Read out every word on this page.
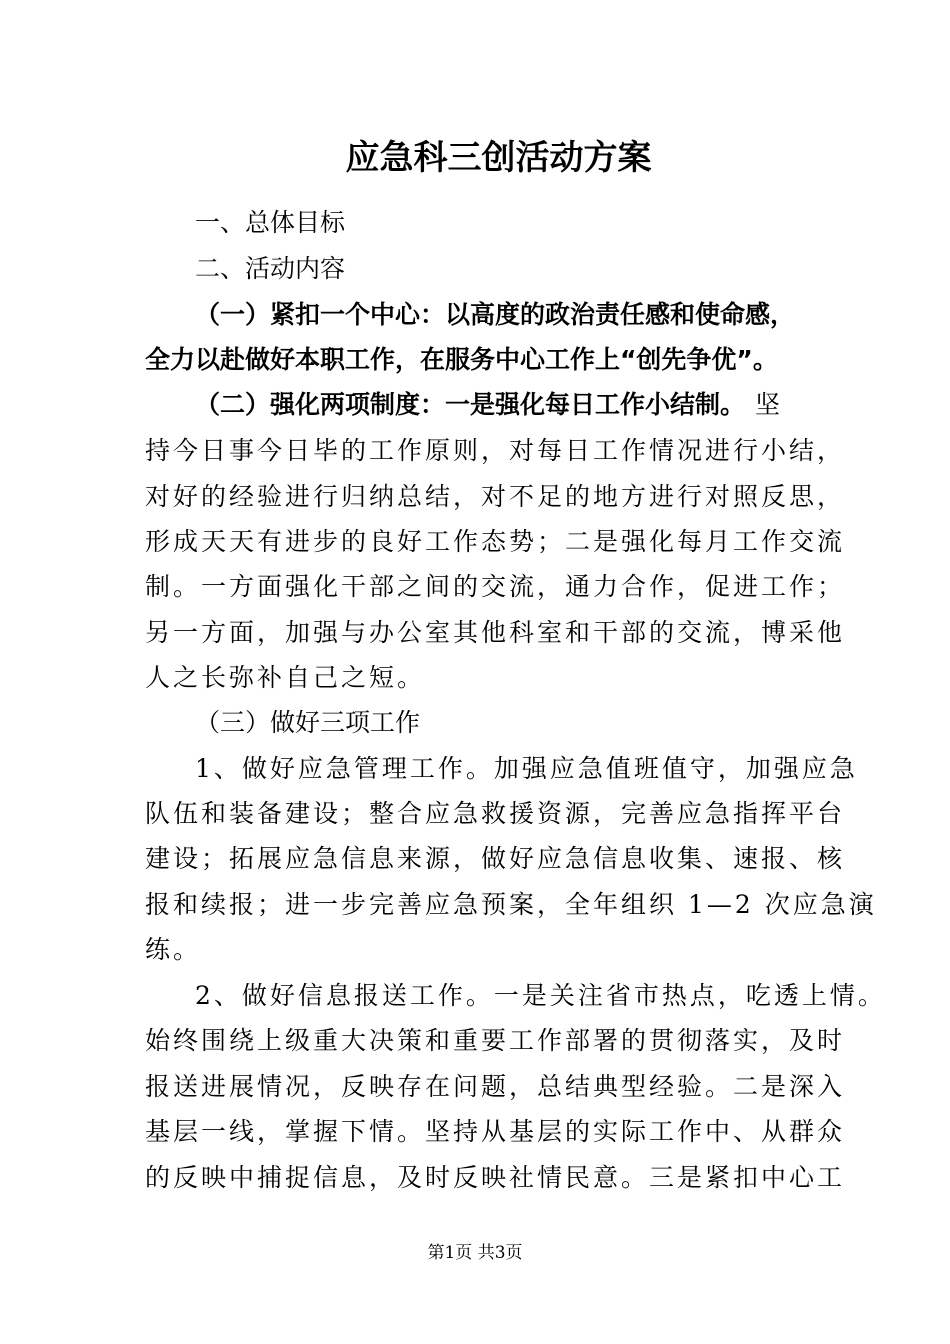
应急科三创活动方案
一、总体目标
二、活动内容
（一）紧扣一个中心：以高度的政治责任感和使命感，
全力以赴做好本职工作，在服务中心工作上“创先争优”。
（二）强化两项制度：一是强化每日工作小结制。 坚
持今日事今日毕的工作原则，对每日工作情况进行小结，
对好的经验进行归纳总结，对不足的地方进行对照反思，
形成天天有进步的良好工作态势；二是强化每月工作交流
制。一方面强化干部之间的交流，通力合作，促进工作；
另一方面，加强与办公室其他科室和干部的交流，博采他
人之长弥补自己之短。
（三）做好三项工作
1、做好应急管理工作。加强应急值班值守，加强应急
队伍和装备建设；整合应急救援资源，完善应急指挥平台
建设；拓展应急信息来源，做好应急信息收集、速报、核
报和续报；进一步完善应急预案，全年组织 1—2 次应急演
练。
2、做好信息报送工作。一是关注省市热点，吃透上情。
始终围绕上级重大决策和重要工作部署的贯彻落实，及时
报送进展情况，反映存在问题，总结典型经验。二是深入
基层一线，掌握下情。坚持从基层的实际工作中、从群众
的反映中捕捉信息，及时反映社情民意。三是紧扣中心工
第1页 共3页
